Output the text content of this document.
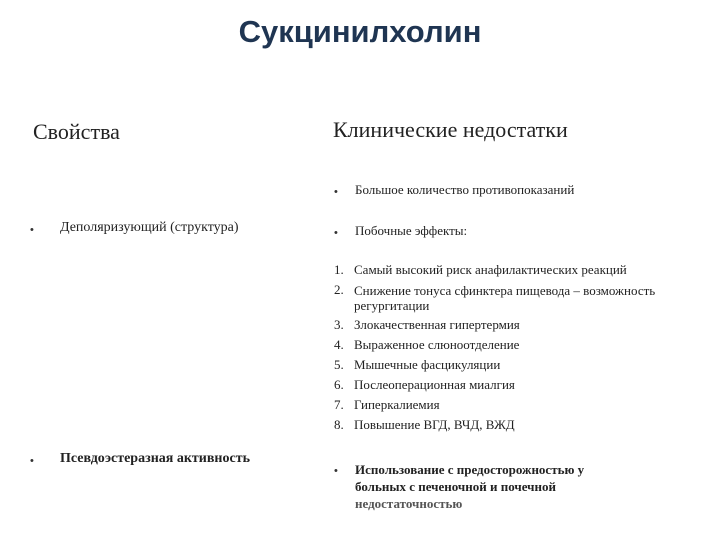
Сукцинилхолин
Свойства	Клинические недостатки
• Деполяризующий (структура)
• Псевдоэстеразная активность
• Большое количество противопоказаний
• Побочные эффекты:
1. Самый высокий риск анафилактических реакций
2. Снижение тонуса сфинктера пищевода – возможность регургитации
3. Злокачественная гипертермия
4. Выраженное слюноотделение
5. Мышечные фасцикуляции
6. Послеоперационная миалгия
7. Гиперкалиемия
8. Повышение ВГД, ВЧД, ВЖД
• Использование с предосторожностью у
больных с печеночной и почечной
недостаточностью
